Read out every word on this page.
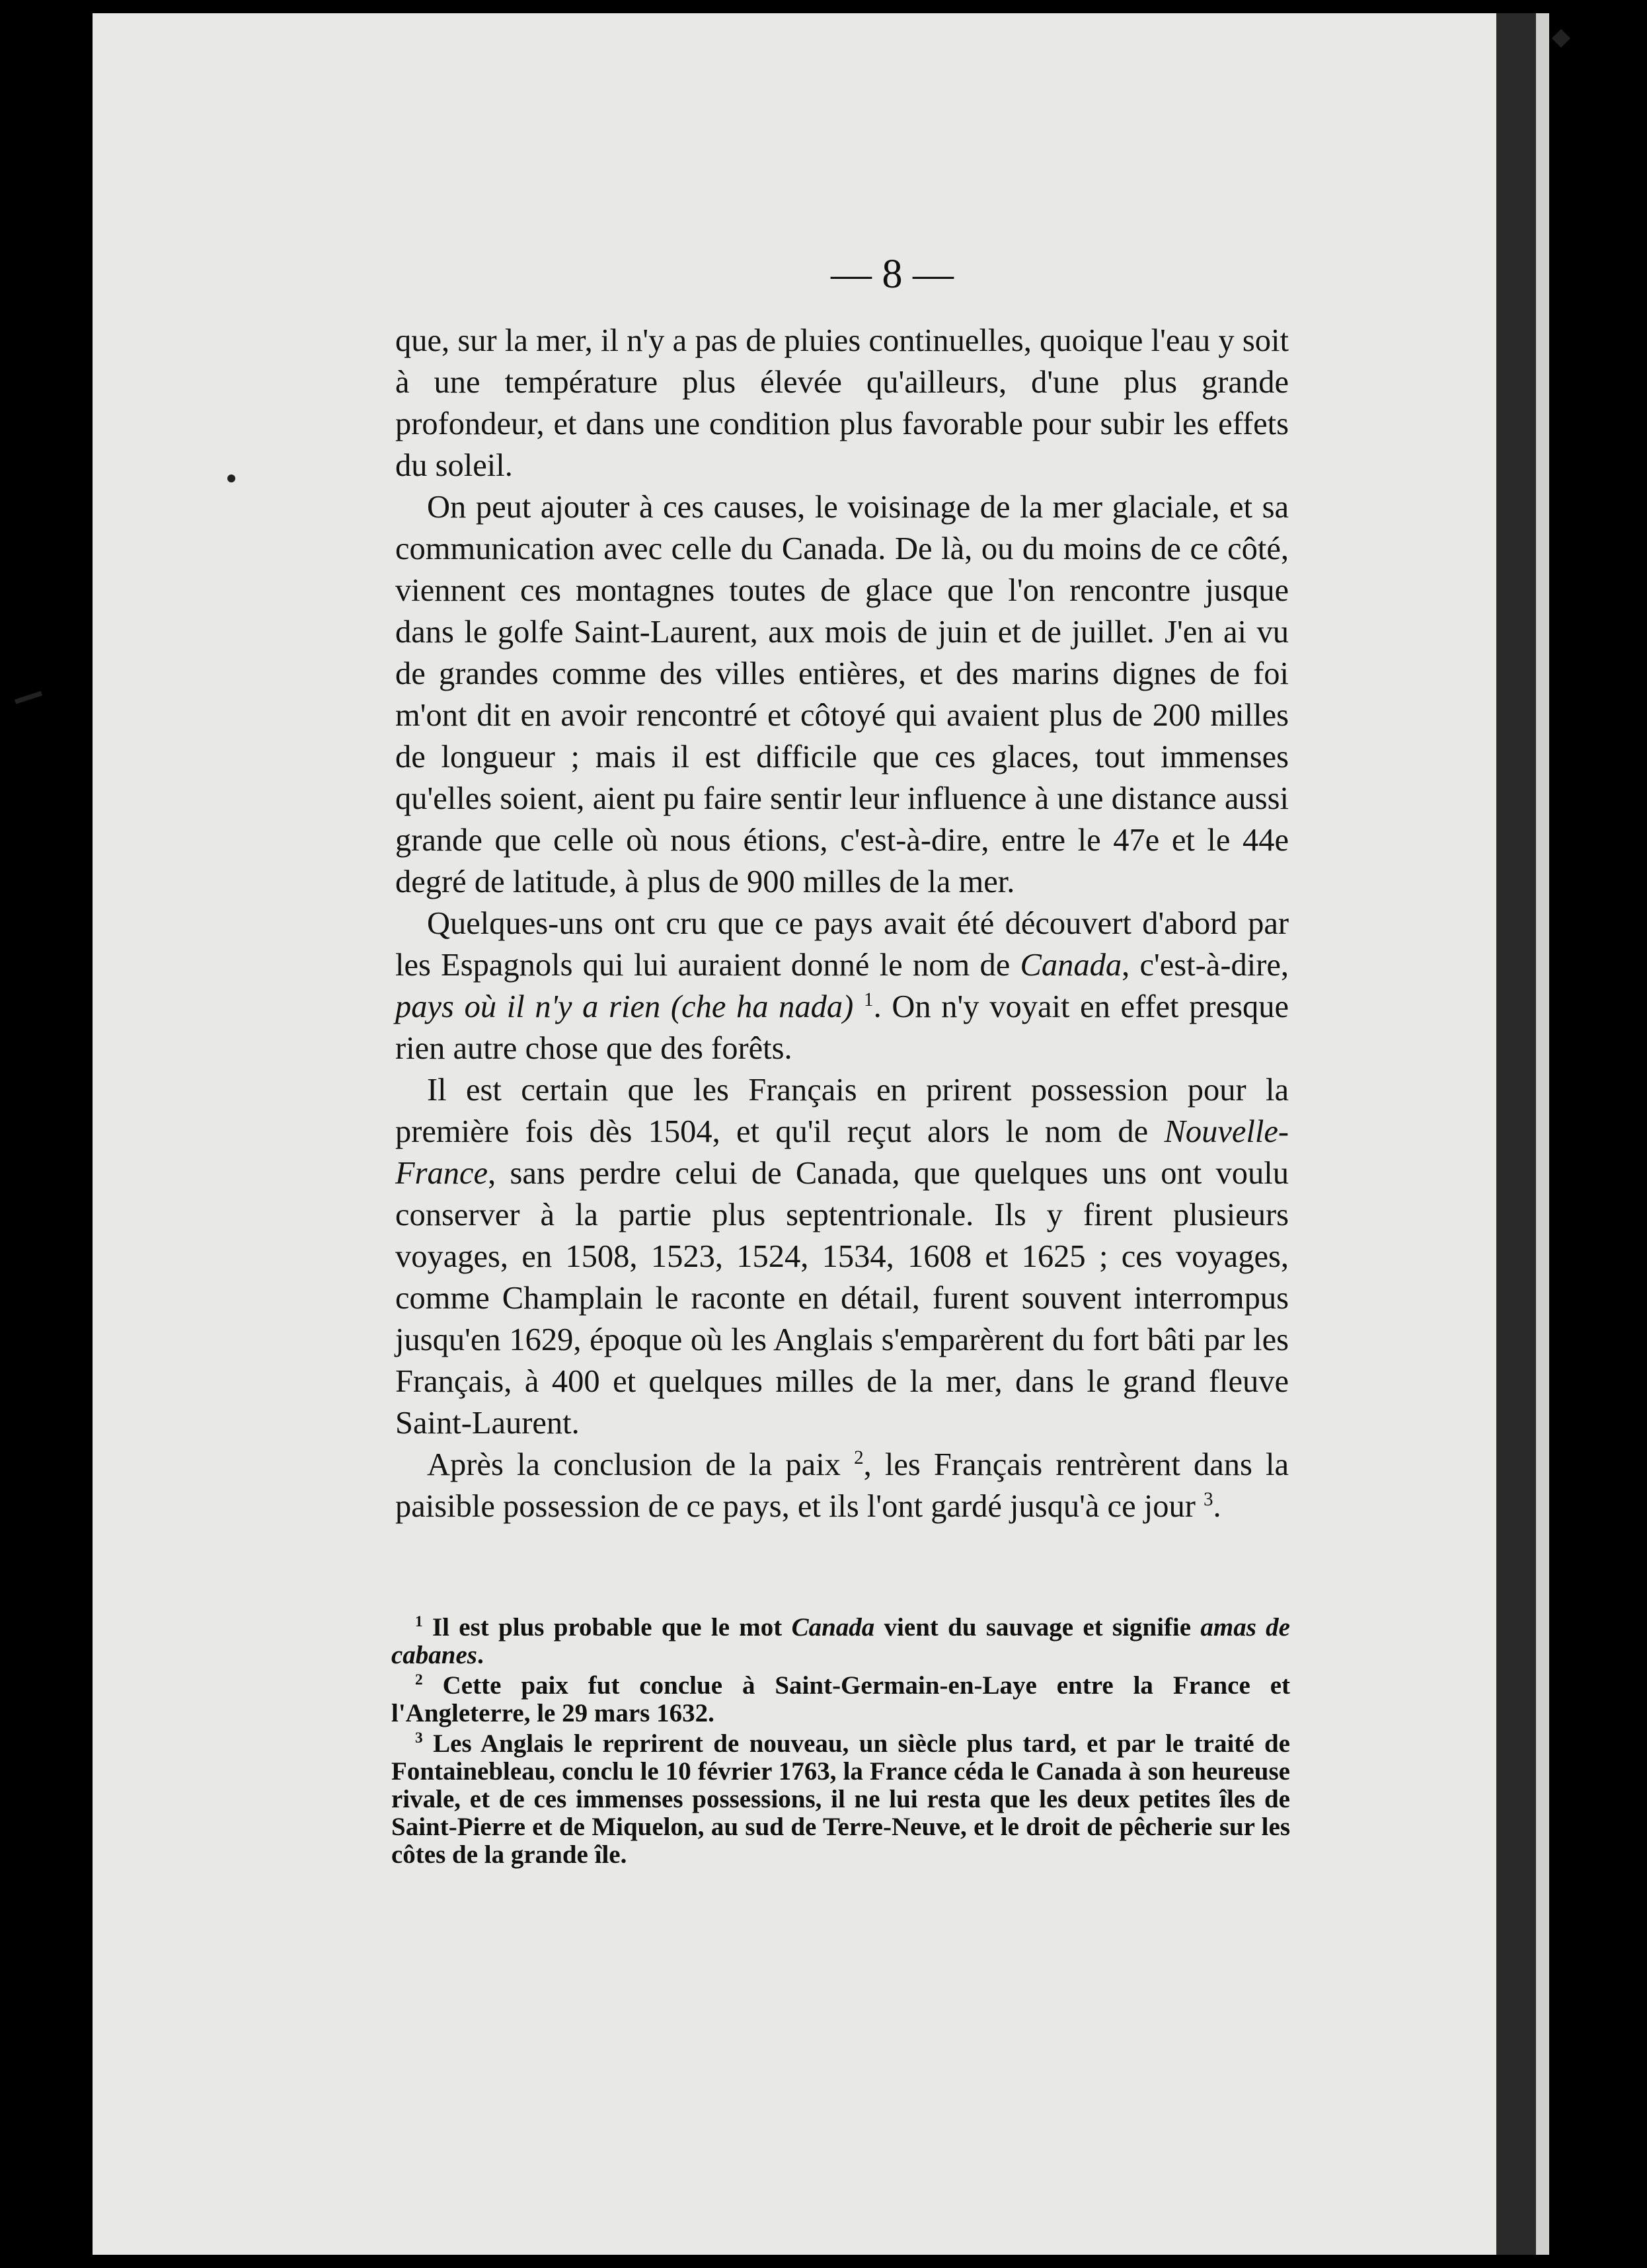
— 8 —

que, sur la mer, il n'y a pas de pluies continuelles, quoique l'eau y soit à une température plus élevée qu'ailleurs, d'une plus grande profondeur, et dans une condition plus favorable pour subir les effets du soleil.

On peut ajouter à ces causes, le voisinage de la mer glaciale, et sa communication avec celle du Canada. De là, ou du moins de ce côté, viennent ces montagnes toutes de glace que l'on rencontre jusque dans le golfe Saint-Laurent, aux mois de juin et de juillet. J'en ai vu de grandes comme des villes entières, et des marins dignes de foi m'ont dit en avoir rencontré et côtoyé qui avaient plus de 200 milles de longueur ; mais il est difficile que ces glaces, tout immenses qu'elles soient, aient pu faire sentir leur influence à une distance aussi grande que celle où nous étions, c'est-à-dire, entre le 47e et le 44e degré de latitude, à plus de 900 milles de la mer.

Quelques-uns ont cru que ce pays avait été découvert d'abord par les Espagnols qui lui auraient donné le nom de Canada, c'est-à-dire, pays où il n'y a rien (che ha nada) $^1$. On n'y voyait en effet presque rien autre chose que des forêts.

Il est certain que les Français en prirent possession pour la première fois dès 1504, et qu'il reçut alors le nom de Nouvelle-France, sans perdre celui de Canada, que quelques uns ont voulu conserver à la partie plus septentrionale. Ils y firent plusieurs voyages, en 1508, 1523, 1524, 1534, 1608 et 1625 ; ces voyages, comme Champlain le raconte en détail, furent souvent interrompus jusqu'en 1629, époque où les Anglais s'emparèrent du fort bâti par les Français, à 400 et quelques milles de la mer, dans le grand fleuve Saint-Laurent.

Après la conclusion de la paix $^2$, les Français rentrèrent dans la paisible possession de ce pays, et ils l'ont gardé jusqu'à ce jour $^3$.

$^1$ Il est plus probable que le mot Canada vient du sauvage et signifie amas de cabanes.

$^2$ Cette paix fut conclue à Saint-Germain-en-Laye entre la France et l'Angleterre, le 29 mars 1632.

$^3$ Les Anglais le reprirent de nouveau, un siècle plus tard, et par le traité de Fontainebleau, conclu le 10 février 1763, la France céda le Canada à son heureuse rivale, et de ces immenses possessions, il ne lui resta que les deux petites îles de Saint-Pierre et de Miquelon, au sud de Terre-Neuve, et le droit de pêcherie sur les côtes de la grande île.
